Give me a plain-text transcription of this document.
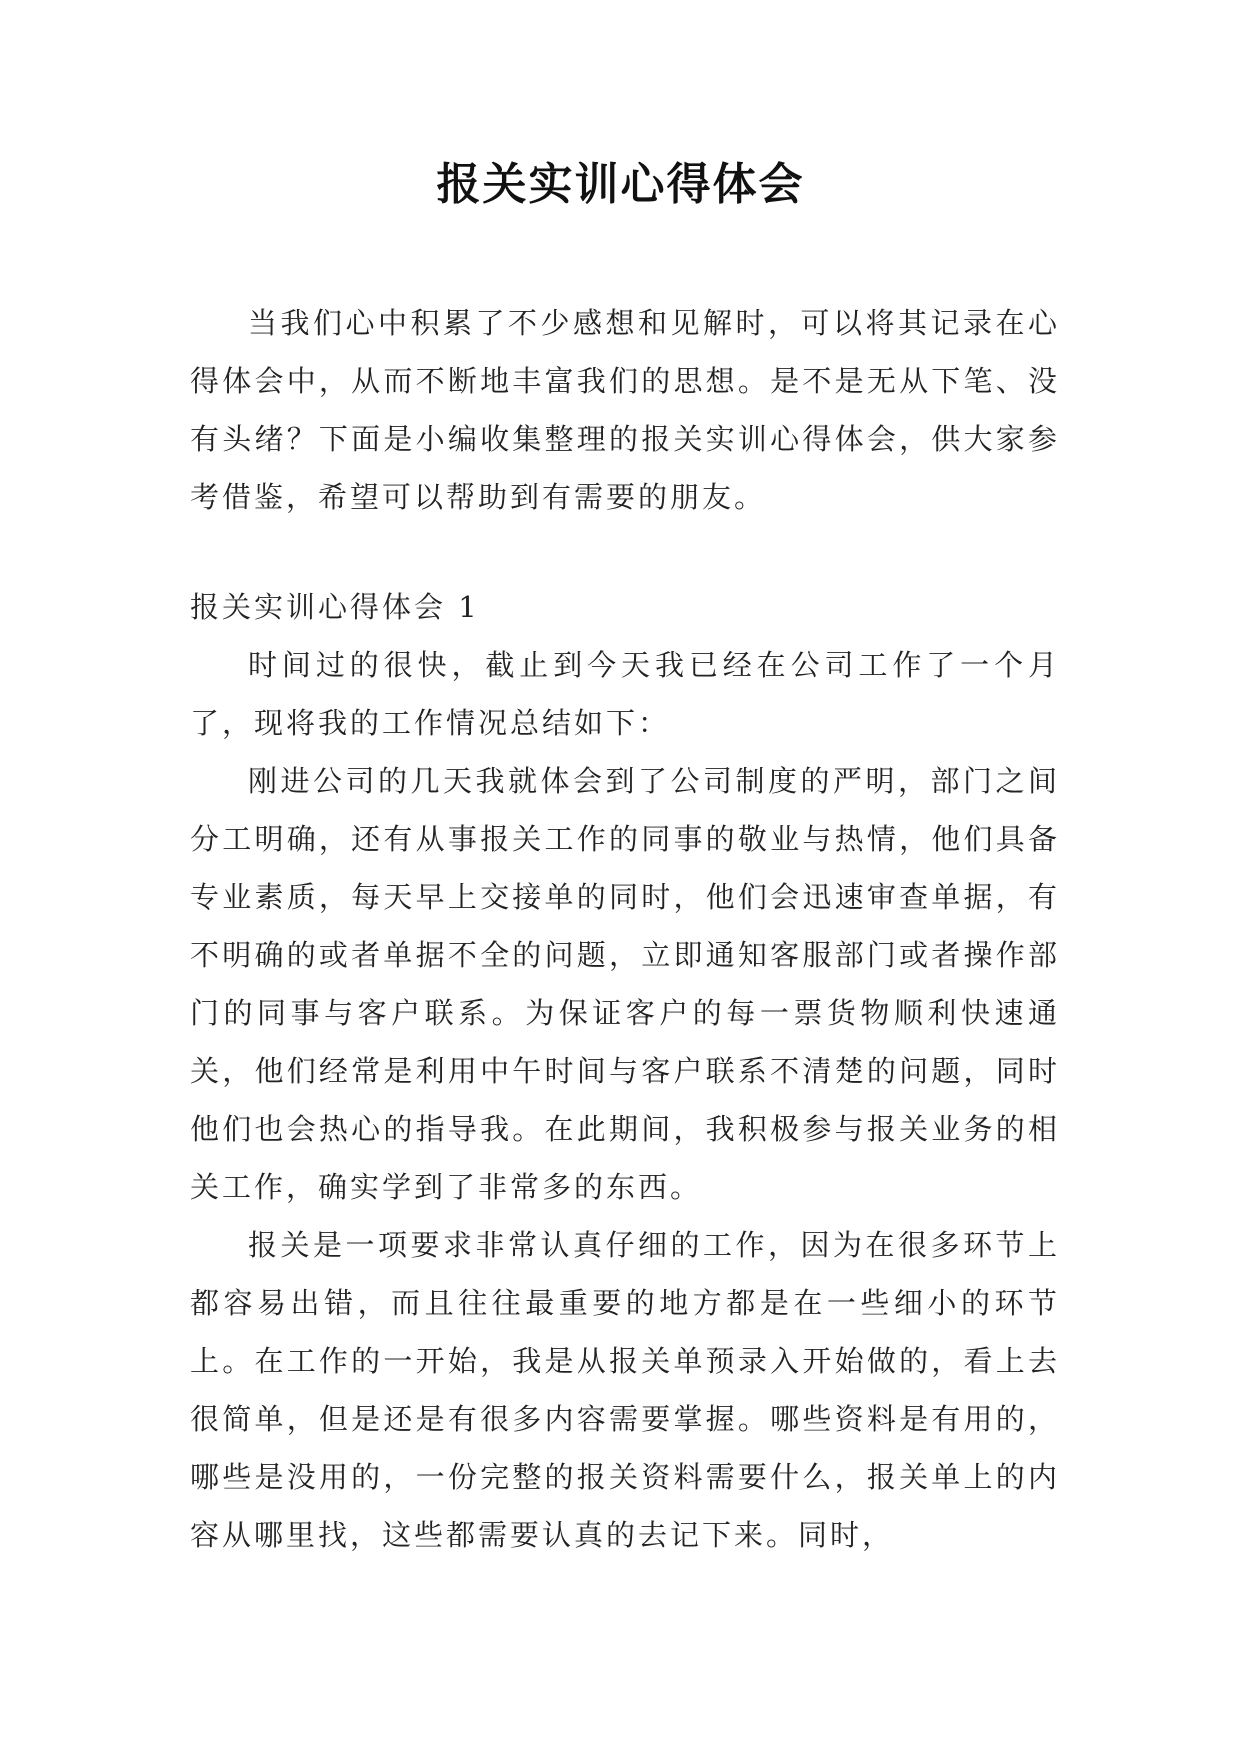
报关实训心得体会

当我们心中积累了不少感想和见解时，可以将其记录在心得体会中，从而不断地丰富我们的思想。是不是无从下笔、没有头绪？下面是小编收集整理的报关实训心得体会，供大家参考借鉴，希望可以帮助到有需要的朋友。

报关实训心得体会 1

时间过的很快，截止到今天我已经在公司工作了一个月了，现将我的工作情况总结如下：

刚进公司的几天我就体会到了公司制度的严明，部门之间分工明确，还有从事报关工作的同事的敬业与热情，他们具备专业素质，每天早上交接单的同时，他们会迅速审查单据，有不明确的或者单据不全的问题，立即通知客服部门或者操作部门的同事与客户联系。为保证客户的每一票货物顺利快速通关，他们经常是利用中午时间与客户联系不清楚的问题，同时他们也会热心的指导我。在此期间，我积极参与报关业务的相关工作，确实学到了非常多的东西。

报关是一项要求非常认真仔细的工作，因为在很多环节上都容易出错，而且往往最重要的地方都是在一些细小的环节上。在工作的一开始，我是从报关单预录入开始做的，看上去很简单，但是还是有很多内容需要掌握。哪些资料是有用的，哪些是没用的，一份完整的报关资料需要什么，报关单上的内容从哪里找，这些都需要认真的去记下来。同时，
